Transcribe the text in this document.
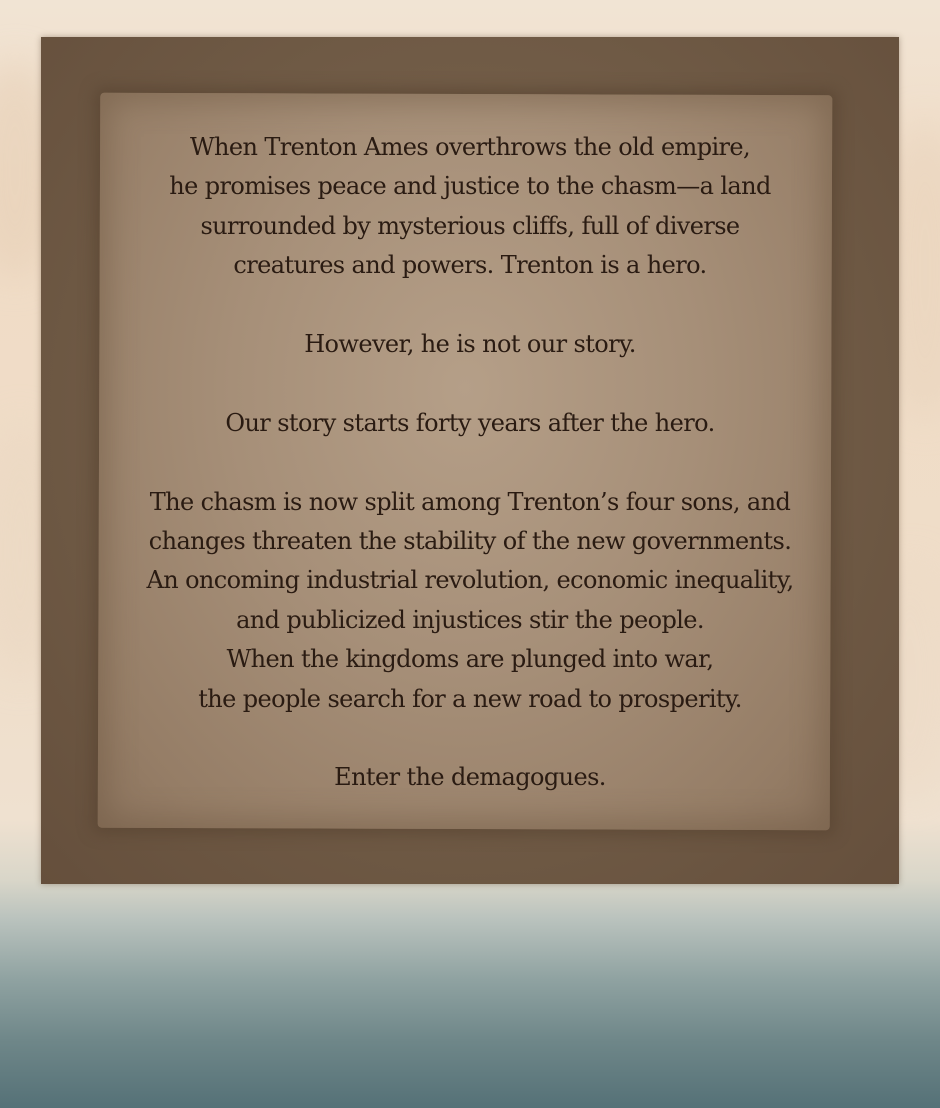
When Trenton Ames overthrows the old empire,

he promises peace and justice to the chasm—a land

surrounded by mysterious cliffs, full of diverse

creatures and powers. Trenton is a hero.

However, he is not our story.

Our story starts forty years after the hero.

The chasm is now split among Trenton’s four sons, and

changes threaten the stability of the new governments.

An oncoming industrial revolution, economic inequality,

and publicized injustices stir the people.

When the kingdoms are plunged into war,

the people search for a new road to prosperity.

Enter the demagogues.
